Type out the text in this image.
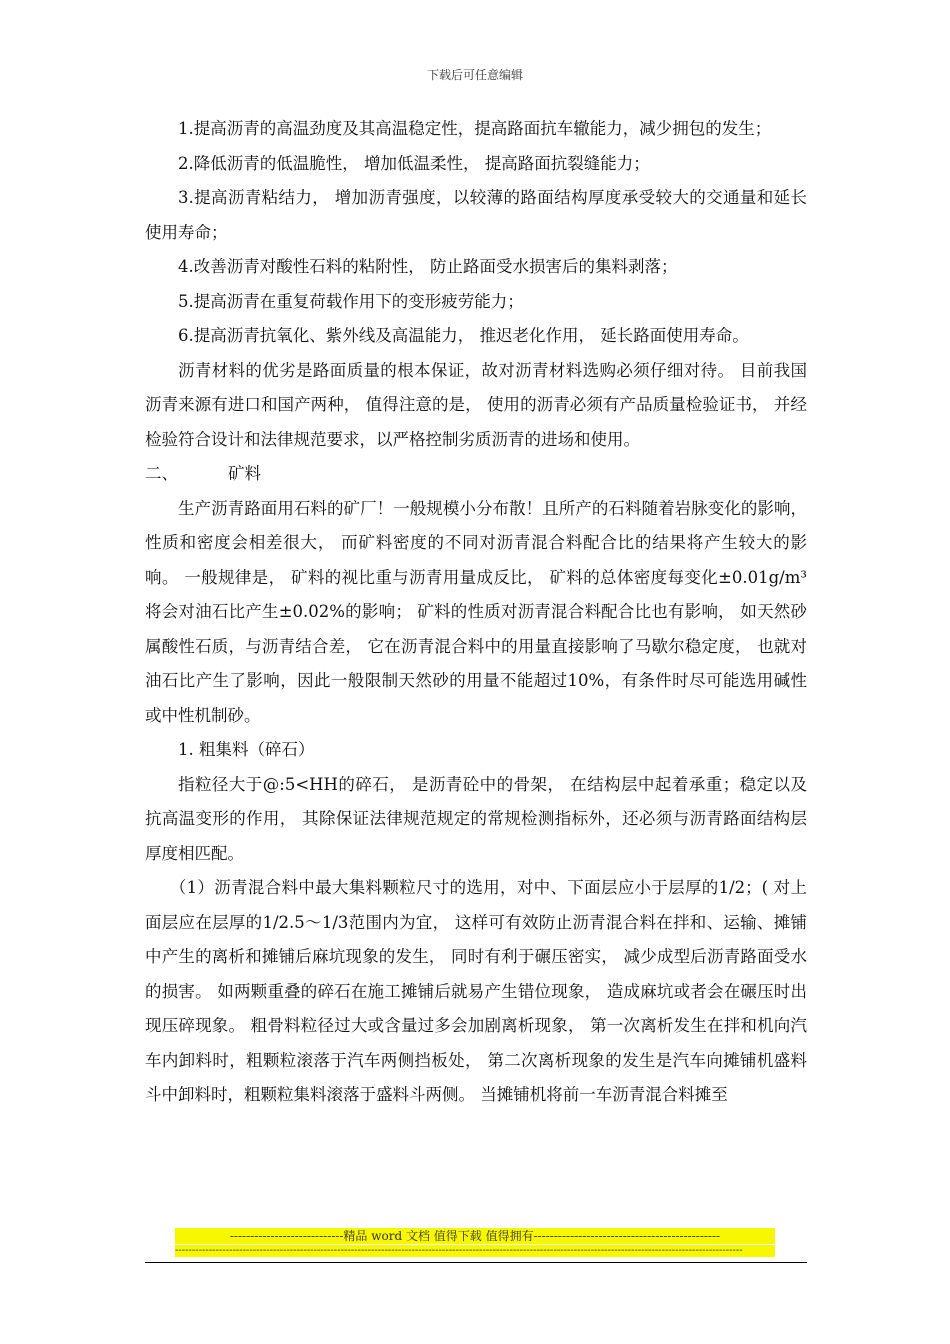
下载后可任意编辑

1.提高沥青的高温劲度及其高温稳定性，提高路面抗车辙能力，减少拥包的发生；

2.降低沥青的低温脆性， 增加低温柔性， 提高路面抗裂缝能力；

3.提高沥青粘结力， 增加沥青强度，以较薄的路面结构厚度承受较大的交通量和延长使用寿命；

4.改善沥青对酸性石料的粘附性， 防止路面受水损害后的集料剥落；

5.提高沥青在重复荷载作用下的变形疲劳能力；

6.提高沥青抗氧化、紫外线及高温能力， 推迟老化作用， 延长路面使用寿命。

沥青材料的优劣是路面质量的根本保证，故对沥青材料选购必须仔细对待。 目前我国沥青来源有进口和国产两种， 值得注意的是， 使用的沥青必须有产品质量检验证书， 并经检验符合设计和法律规范要求，以严格控制劣质沥青的进场和使用。

二、	矿料

生产沥青路面用石料的矿厂！一般规模小分布散！且所产的石料随着岩脉变化的影响， 性质和密度会相差很大， 而矿料密度的不同对沥青混合料配合比的结果将产生较大的影响。 一般规律是， 矿料的视比重与沥青用量成反比， 矿料的总体密度每变化±0.01g/m³将会对油石比产生±0.02%的影响； 矿料的性质对沥青混合料配合比也有影响， 如天然砂属酸性石质，与沥青结合差， 它在沥青混合料中的用量直接影响了马歇尔稳定度， 也就对油石比产生了影响，因此一般限制天然砂的用量不能超过10%，有条件时尽可能选用碱性或中性机制砂。

1. 粗集料（碎石）

指粒径大于@:5<HH的碎石， 是沥青砼中的骨架， 在结构层中起着承重；稳定以及抗高温变形的作用， 其除保证法律规范规定的常规检测指标外，还必须与沥青路面结构层厚度相匹配。

（1）沥青混合料中最大集料颗粒尺寸的选用，对中、下面层应小于层厚的1/2；( 对上面层应在层厚的1/2.5～1/3范围内为宜， 这样可有效防止沥青混合料在拌和、运输、摊铺中产生的离析和摊铺后麻坑现象的发生， 同时有利于碾压密实， 减少成型后沥青路面受水的损害。 如两颗重叠的碎石在施工摊铺后就易产生错位现象， 造成麻坑或者会在碾压时出现压碎现象。 粗骨料粒径过大或含量过多会加剧离析现象， 第一次离析发生在拌和机向汽车内卸料时，粗颗粒滚落于汽车两侧挡板处， 第二次离析现象的发生是汽车向摊铺机盛料斗中卸料时，粗颗粒集料滚落于盛料斗两侧。 当摊铺机将前一车沥青混合料摊至

----------------------------精品 word 文档 值得下载 值得拥有----------------------------------------------
------------------------------------------------------------------------------------------------------------------------------------------------------------------------
